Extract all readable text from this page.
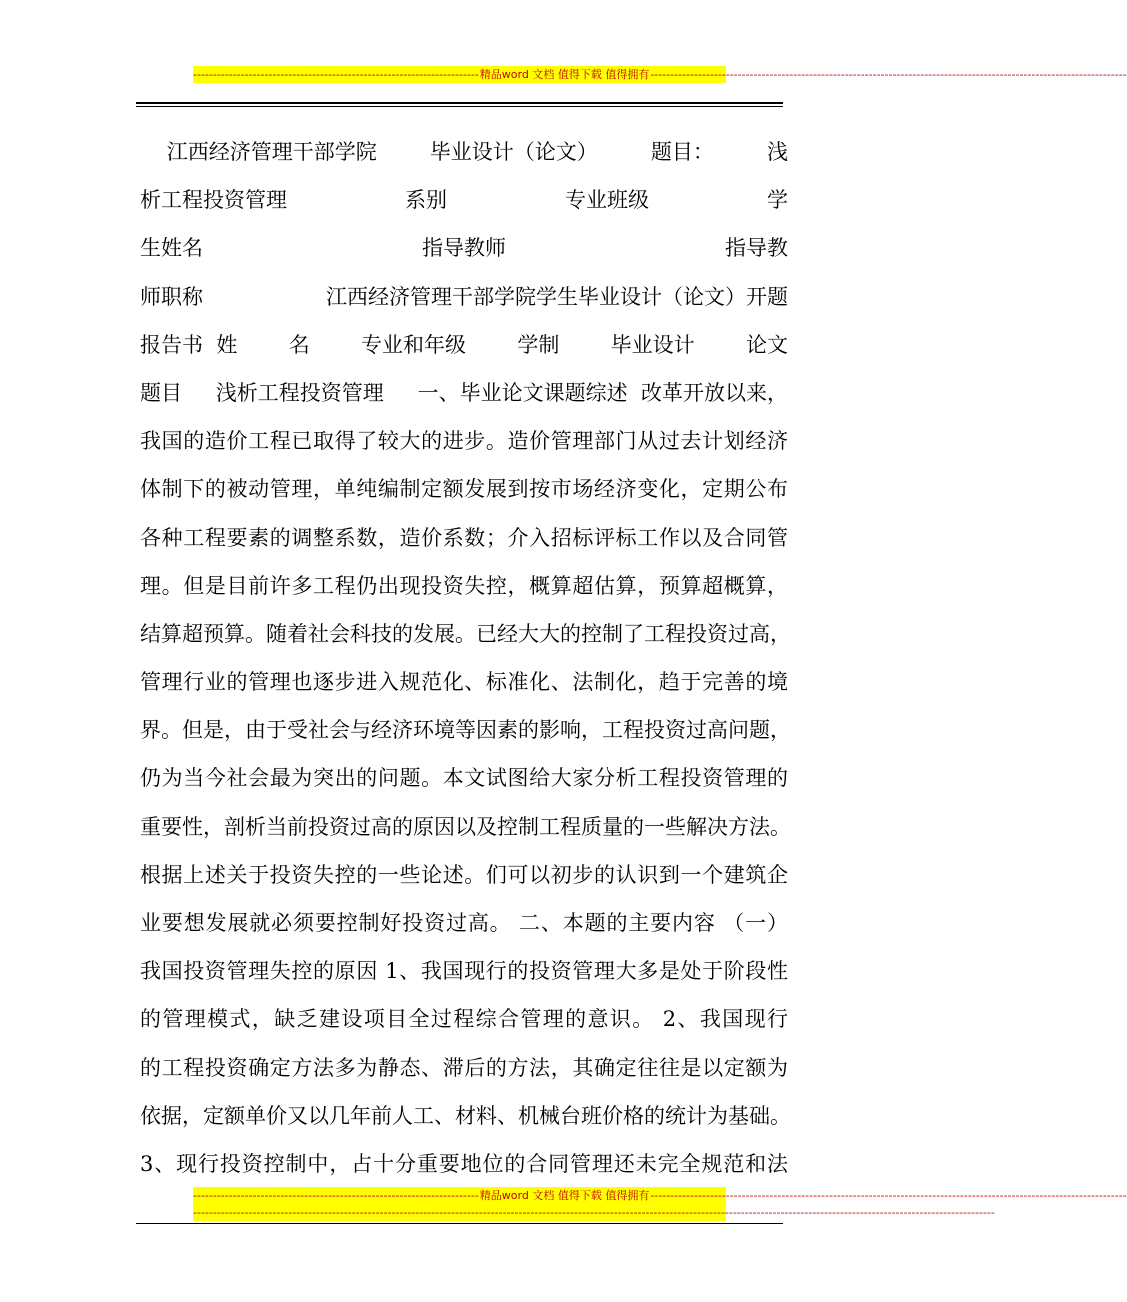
------------------------------------------------------------------------ 精品word 文档 值得下载 值得拥有 ------------------------------------------------------------------------------------------------------------------------
江西经济管理干部学院	毕业设计（论文）	题目：	浅
析工程投资管理	系别	专业班级	学
生姓名	指导教师	指导教
师职称	江西经济管理干部学院学生毕业设计（论文）开题
报告书  姓 名 专业和年级 学制 毕业设计 论文
题目 浅析工程投资管理 一、毕业论文课题综述  改革开放以来，
我国的造价工程已取得了较大的进步。造价管理部门从过去计划经济
体制下的被动管理，单纯编制定额发展到按市场经济变化，定期公布
各种工程要素的调整系数，造价系数；介入招标评标工作以及合同管
理。但是目前许多工程仍出现投资失控，概算超估算，预算超概算，
结算超预算。随着社会科技的发展。已经大大的控制了工程投资过高，
管理行业的管理也逐步进入规范化、标准化、法制化，趋于完善的境
界。但是，由于受社会与经济环境等因素的影响，工程投资过高问题，
仍为当今社会最为突出的问题。本文试图给大家分析工程投资管理的
重要性，剖析当前投资过高的原因以及控制工程质量的一些解决方法。
根据上述关于投资失控的一些论述。们可以初步的认识到一个建筑企
业要想发展就必须要控制好投资过高。 二、本题的主要内容 （一）
我国投资管理失控的原因 1、我国现行的投资管理大多是处于阶段性
的管理模式，缺乏建设项目全过程综合管理的意识。 2、我国现行
的工程投资确定方法多为静态、滞后的方法，其确定往往是以定额为
依据，定额单价又以几年前人工、材料、机械台班价格的统计为基础。
3、现行投资控制中，占十分重要地位的合同管理还未完全规范和法
------------------------------------------------------------------------ 精品word 文档 值得下载 值得拥有 ------------------------------------------------------------------------------------------------------------------------
----------------------------------------------------------------------------------------------------------------------------------------------------------------------------------------------------------
